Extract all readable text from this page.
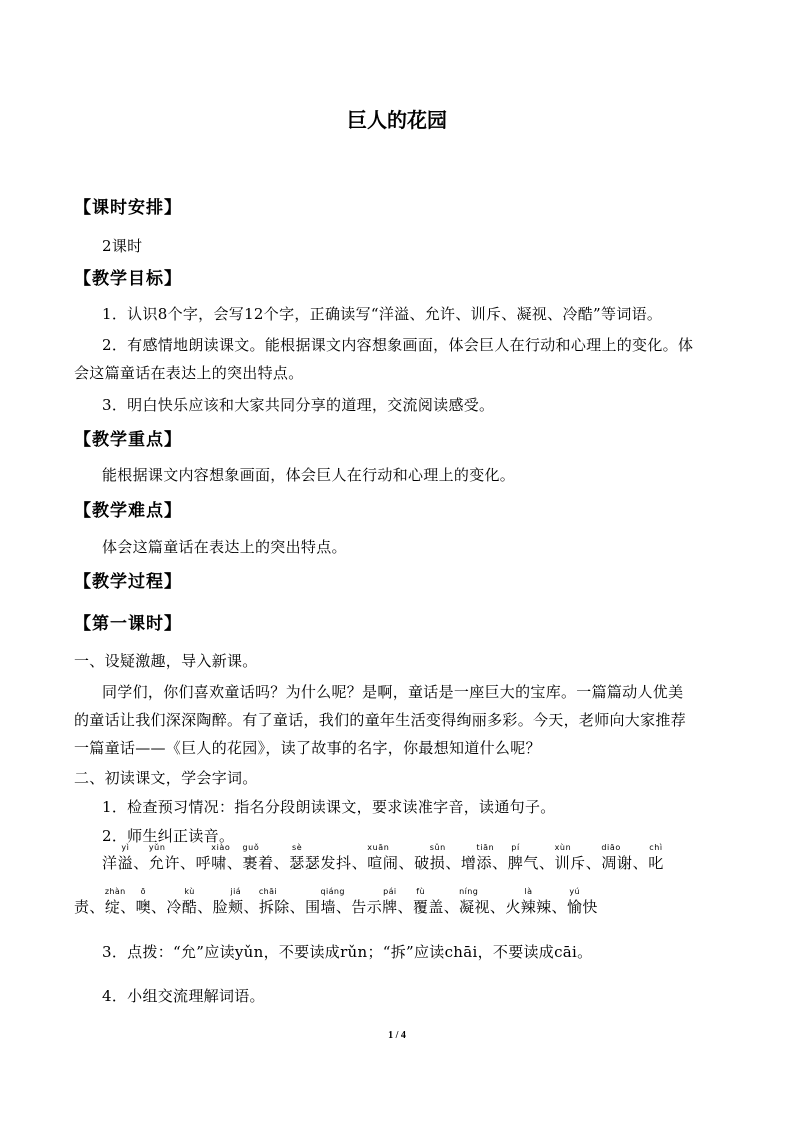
巨人的花园
【课时安排】
2课时
【教学目标】
1．认识8个字，会写12个字，正确读写“洋溢、允许、训斥、凝视、冷酷”等词语。
2．有感情地朗读课文。能根据课文内容想象画面，体会巨人在行动和心理上的变化。体
会这篇童话在表达上的突出特点。
3．明白快乐应该和大家共同分享的道理，交流阅读感受。
【教学重点】
能根据课文内容想象画面，体会巨人在行动和心理上的变化。
【教学难点】
体会这篇童话在表达上的突出特点。
【教学过程】
【第一课时】
一、设疑激趣，导入新课。
同学们，你们喜欢童话吗？为什么呢？是啊，童话是一座巨大的宝库。一篇篇动人优美
的童话让我们深深陶醉。有了童话，我们的童年生活变得绚丽多彩。今天，老师向大家推荐
一篇童话——《巨人的花园》，读了故事的名字，你最想知道什么呢？
二、初读课文，学会字词。
1．检查预习情况：指名分段朗读课文，要求读准字音，读通句子。
2．师生纠正读音。
洋
yì
溢、
yǔn
允许、呼
xiào
啸、
guǒ
裹着、
sè
瑟瑟发抖、
xuān
喧闹、破
sǔn
损、增
tiān
添、
pí
脾气、
xùn
训斥、
diāo
凋谢、
chì
叱
责、
zhàn
绽、
ō
噢、冷
kù
酷、脸
jiá
颊、
chāi
拆除、围
qiáng
墙、告示
pái
牌、
fù
覆盖、
níng
凝视、火
là
辣辣、
yú
愉快
3．点拨：“允”应读yǔn，不要读成rǔn；“拆”应读chāi，不要读成cāi。
4．小组交流理解词语。
1 / 4
